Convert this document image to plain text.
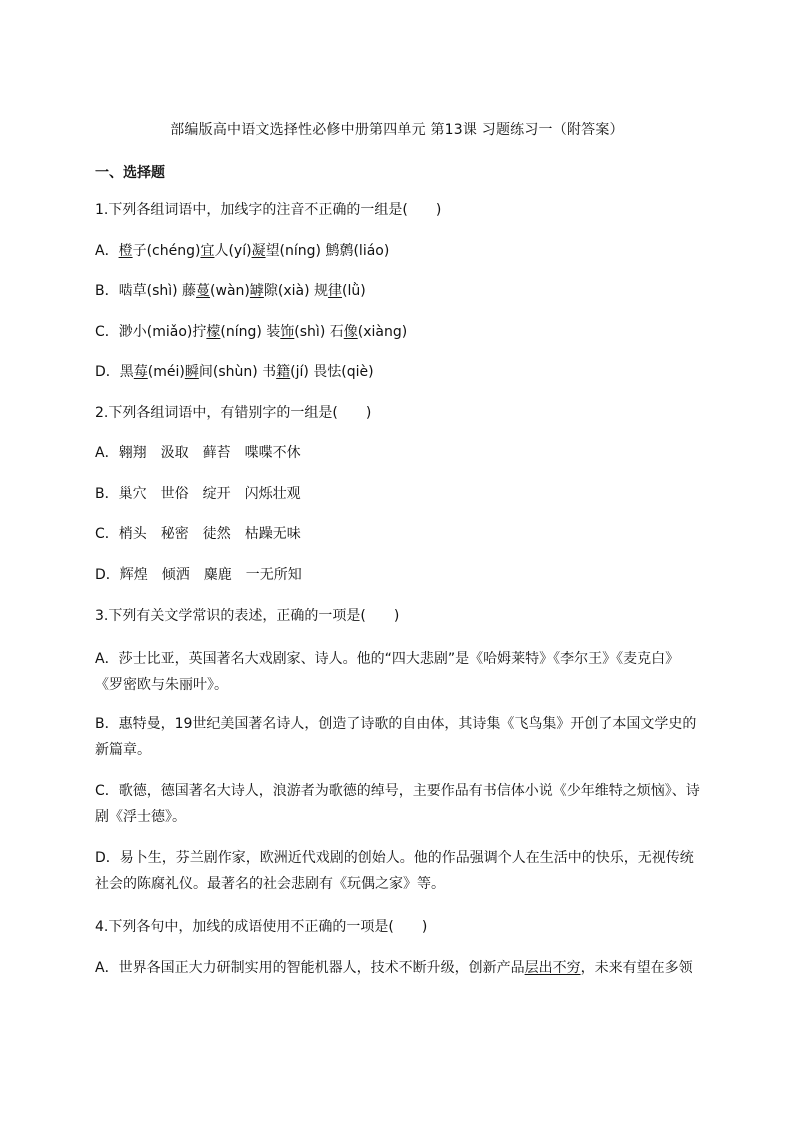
部编版高中语文选择性必修中册第四单元 第13课 习题练习一（附答案）
一、选择题
1.下列各组词语中，加线字的注音不正确的一组是(　　)
A．橙子(chéng)宜人(yí)凝望(níng) 鹪鹩(liáo)
B．啮草(shì) 藤蔓(wàn)罅隙(xià) 规律(lǜ)
C．渺小(miǎo)拧檬(níng) 装饰(shì) 石像(xiàng)
D．黑莓(méi)瞬间(shùn) 书籍(jí) 畏怯(qiè)
2.下列各组词语中，有错别字的一组是(　　)
A．翱翔 汲取 藓苔 喋喋不休
B．巢穴 世俗 绽开 闪烁壮观
C．梢头 秘密 徒然 枯躁无味
D．辉煌 倾洒 麋鹿 一无所知
3.下列有关文学常识的表述，正确的一项是(　　)
A．莎士比亚，英国著名大戏剧家、诗人。他的“四大悲剧”是《哈姆莱特》《李尔王》《麦克白》《罗密欧与朱丽叶》。
B．惠特曼，19世纪美国著名诗人，创造了诗歌的自由体，其诗集《飞鸟集》开创了本国文学史的新篇章。
C．歌德，德国著名大诗人，浪游者为歌德的绰号，主要作品有书信体小说《少年维特之烦恼》、诗剧《浮士德》。
D．易卜生，芬兰剧作家，欧洲近代戏剧的创始人。他的作品强调个人在生活中的快乐，无视传统社会的陈腐礼仪。最著名的社会悲剧有《玩偶之家》等。
4.下列各句中，加线的成语使用不正确的一项是(　　)
A．世界各国正大力研制实用的智能机器人，技术不断升级，创新产品层出不穷，未来有望在多领
